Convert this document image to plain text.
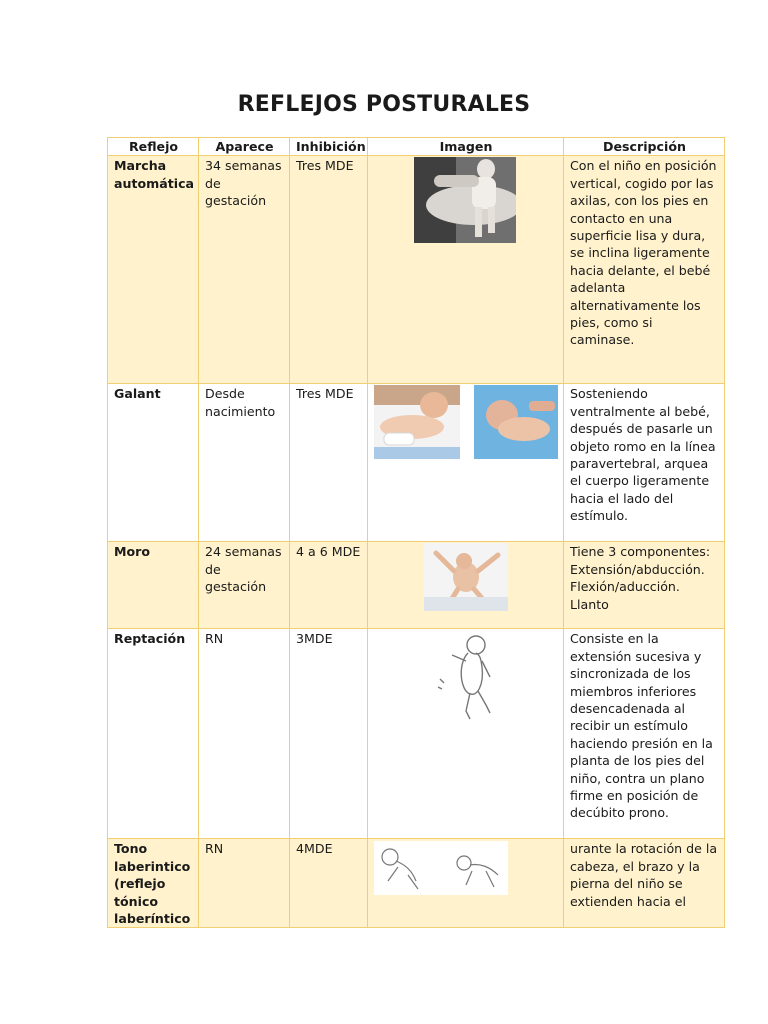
REFLEJOS POSTURALES
Reflejo	Aparece	Inhibición	Imagen	Descripción
Marcha automática	34 semanas de gestación	Tres MDE		Con el niño en posición vertical, cogido por las axilas, con los pies en contacto en una superficie lisa y dura, se inclina ligeramente hacia delante, el bebé adelanta alternativamente los pies, como si caminase.
Galant	Desde nacimiento	Tres MDE		Sosteniendo ventralmente al bebé, después de pasarle un objeto romo en la línea paravertebral, arquea el cuerpo ligeramente hacia el lado del estímulo.
Moro	24 semanas de gestación	4 a 6 MDE		Tiene 3 componentes: Extensión/abducción. Flexión/aducción. Llanto
Reptación	RN	3MDE		Consiste en la extensión sucesiva y sincronizada de los miembros inferiores desencadenada al recibir un estímulo haciendo presión en la planta de los pies del niño, contra un plano firme en posición de decúbito prono.
Tono laberintico (reflejo tónico laberíntico	RN	4MDE		urante la rotación de la cabeza, el brazo y la pierna del niño se extienden hacia el
